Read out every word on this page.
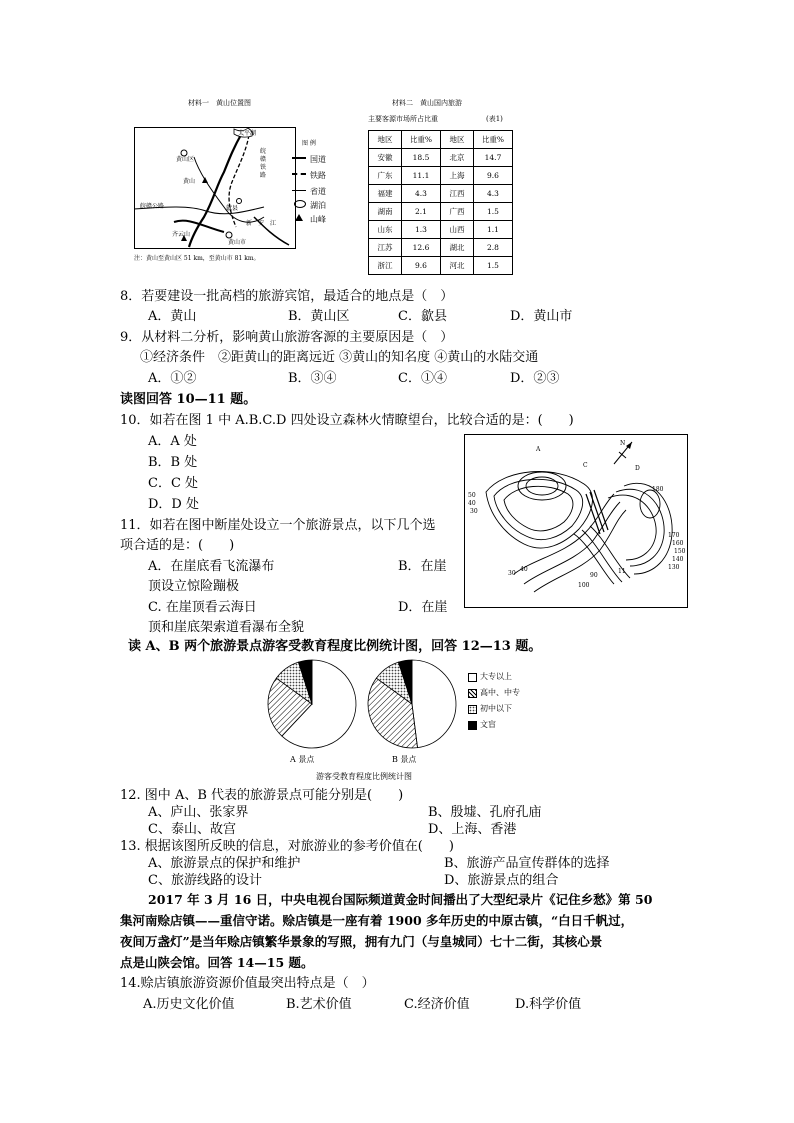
材料一　黄山位置图
太平湖
黄山区
黄山
皖赣公路
皖赣铁路
歙县
新　安　江
齐云山
黄山市
图 例
国道
铁路
省道
湖泊
山峰
注：黄山至黄山区 51 km，至黄山市 81 km。
材料二　黄山国内旅游
主要客源市场所占比重	(表1)
地区	比重%	地区	比重%
安徽	18.5	北京	14.7
广东	11.1	上海	9.6
福建	4.3	江西	4.3
湖南	2.1	广西	1.5
山东	1.3	山西	1.1
江苏	12.6	湖北	2.8
浙江	9.6	河北	1.5
8．若要建设一批高档的旅游宾馆，最适合的地点是（　）
A．黄山	B．黄山区	C．歙县	D．黄山市
9．从材料二分析，影响黄山旅游客源的主要原因是（　）
①经济条件　②距黄山的距离远近 ③黄山的知名度 ④黄山的水陆交通
A．①②	B．③④	C．①④	D．②③
读图回答 10—11 题。
10．如若在图 1 中 A.B.C.D 四处设立森林火情瞭望台，比较合适的是：(　　)
A．A 处
B．B 处
C．C 处
D．D 处
11．如若在图中断崖处设立一个旅游景点，以下几个选
项合适的是：(　　)
A．在崖底看飞流瀑布	B．在崖
顶设立惊险蹦极
C. 在崖顶看云海日	D．在崖
顶和崖底架索道看瀑布全貌
A
C	D
N
180
50
40
30
170
160
150
140
130
30
40
90
100
11
读 A、B 两个旅游景点游客受教育程度比例统计图，回答 12—13 题。
A 景点	B 景点
游客受教育程度比例统计图
大专以上
高中、中专
初中以下
文盲
12. 图中 A、B 代表的旅游景点可能分别是(　　)
A、庐山、张家界	B、殷墟、孔府孔庙
C、泰山、故宫	D、上海、香港
13. 根据该图所反映的信息，对旅游业的参考价值在(　　)
A、旅游景点的保护和维护	B、旅游产品宣传群体的选择
C、旅游线路的设计	D、旅游景点的组合
2017 年 3 月 16 日，中央电视台国际频道黄金时间播出了大型纪录片《记住乡愁》第 50
集河南赊店镇——重信守诺。赊店镇是一座有着 1900 多年历史的中原古镇，“白日千帆过，
夜间万盏灯”是当年赊店镇繁华景象的写照，拥有九门（与皇城同）七十二街，其核心景
点是山陕会馆。回答 14—15 题。
14.赊店镇旅游资源价值最突出特点是（　）
A.历史文化价值	B.艺术价值	C.经济价值	D.科学价值
